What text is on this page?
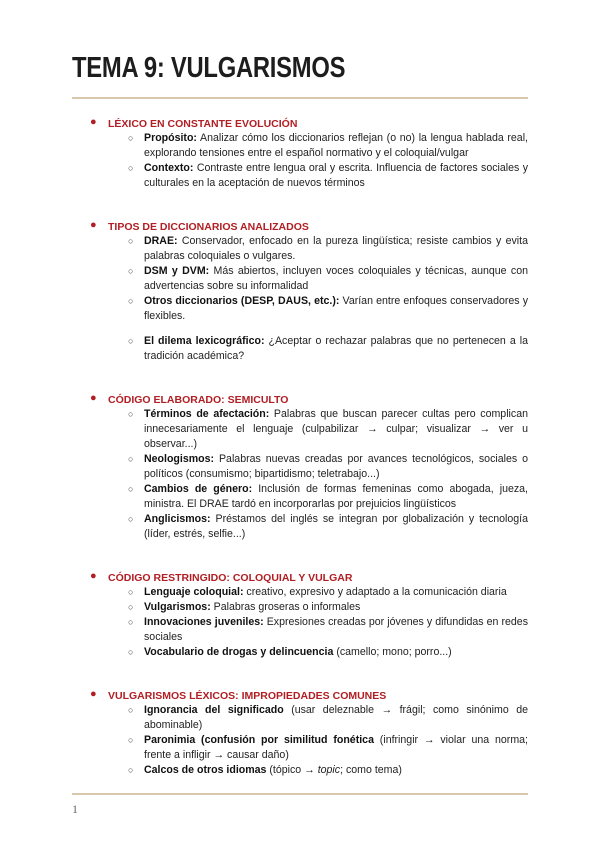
TEMA 9: VULGARISMOS
● LÉXICO EN CONSTANTE EVOLUCIÓN
○ Propósito: Analizar cómo los diccionarios reflejan (o no) la lengua hablada real, explorando tensiones entre el español normativo y el coloquial/vulgar
○ Contexto: Contraste entre lengua oral y escrita. Influencia de factores sociales y culturales en la aceptación de nuevos términos
● TIPOS DE DICCIONARIOS ANALIZADOS
○ DRAE: Conservador, enfocado en la pureza lingüística; resiste cambios y evita palabras coloquiales o vulgares.
○ DSM y DVM: Más abiertos, incluyen voces coloquiales y técnicas, aunque con advertencias sobre su informalidad
○ Otros diccionarios (DESP, DAUS, etc.): Varían entre enfoques conservadores y flexibles.
○ El dilema lexicográfico: ¿Aceptar o rechazar palabras que no pertenecen a la tradición académica?
● CÓDIGO ELABORADO: SEMICULTO
○ Términos de afectación: Palabras que buscan parecer cultas pero complican innecesariamente el lenguaje (culpabilizar → culpar; visualizar → ver u observar...)
○ Neologismos: Palabras nuevas creadas por avances tecnológicos, sociales o políticos (consumismo; bipartidismo; teletrabajo...)
○ Cambios de género: Inclusión de formas femeninas como abogada, jueza, ministra. El DRAE tardó en incorporarlas por prejuicios lingüísticos
○ Anglicismos: Préstamos del inglés se integran por globalización y tecnología (líder, estrés, selfie...)
● CÓDIGO RESTRINGIDO: COLOQUIAL Y VULGAR
○ Lenguaje coloquial: creativo, expresivo y adaptado a la comunicación diaria
○ Vulgarismos: Palabras groseras o informales
○ Innovaciones juveniles: Expresiones creadas por jóvenes y difundidas en redes sociales
○ Vocabulario de drogas y delincuencia (camello; mono; porro...)
● VULGARISMOS LÉXICOS: IMPROPIEDADES COMUNES
○ Ignorancia del significado (usar deleznable → frágil; como sinónimo de abominable)
○ Paronimia (confusión por similitud fonética (infringir → violar una norma; frente a infligir → causar daño)
○ Calcos de otros idiomas (tópico → topic; como tema)
1
